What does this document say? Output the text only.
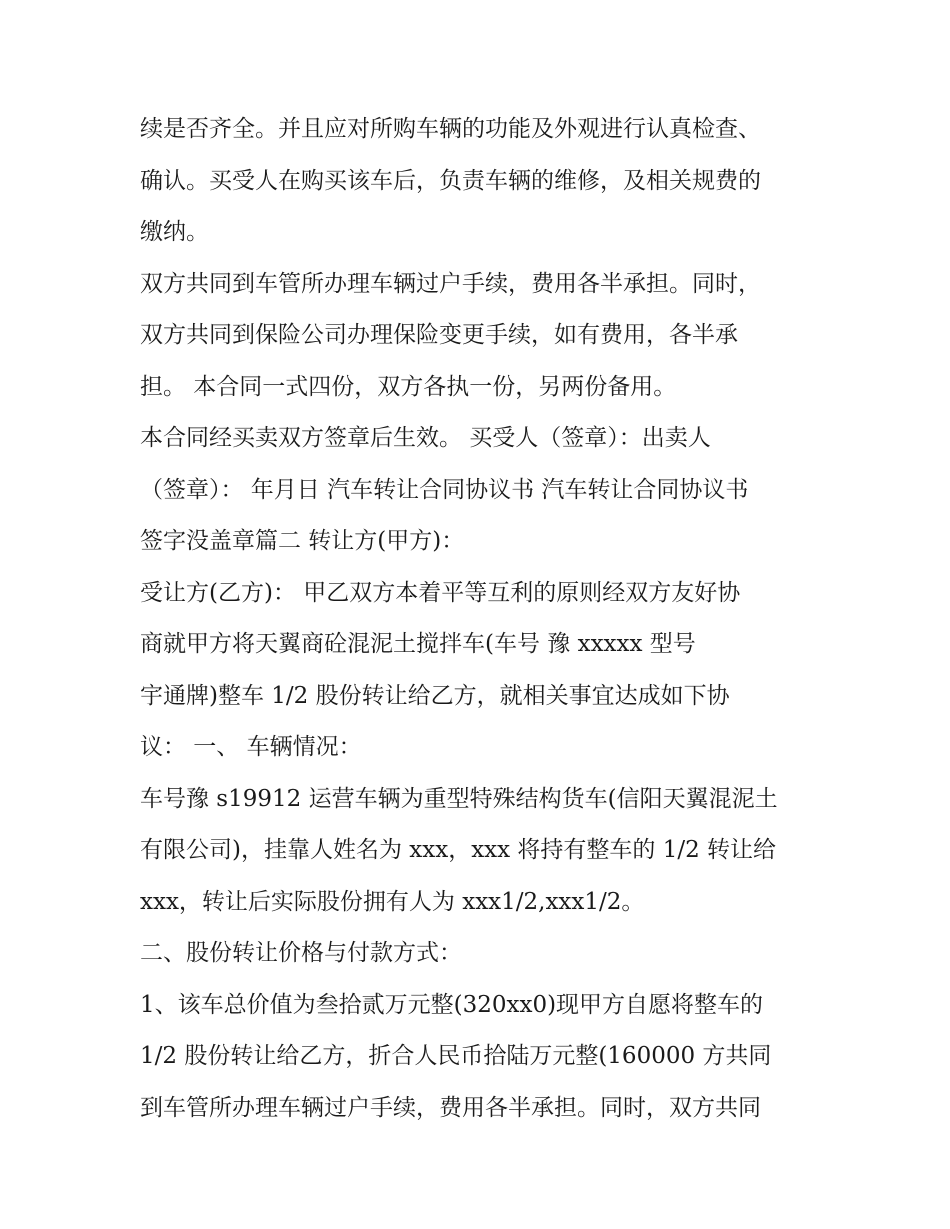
续是否齐全。并且应对所购车辆的功能及外观进行认真检查、
确认。买受人在购买该车后，负责车辆的维修，及相关规费的
缴纳。
双方共同到车管所办理车辆过户手续，费用各半承担。同时，
双方共同到保险公司办理保险变更手续，如有费用，各半承
担。 本合同一式四份，双方各执一份，另两份备用。
本合同经买卖双方签章后生效。 买受人（签章）：出卖人
（签章）： 年月日 汽车转让合同协议书 汽车转让合同协议书
签字没盖章篇二 转让方(甲方)：
受让方(乙方)： 甲乙双方本着平等互利的原则经双方友好协
商就甲方将天翼商砼混泥土搅拌车(车号 豫 xxxxx 型号
宇通牌)整车 1/2 股份转让给乙方，就相关事宜达成如下协
议： 一、 车辆情况：
车号豫 s19912 运营车辆为重型特殊结构货车(信阳天翼混泥土
有限公司)，挂靠人姓名为 xxx，xxx 将持有整车的 1/2 转让给
xxx，转让后实际股份拥有人为 xxx1/2,xxx1/2。
二、股份转让价格与付款方式：
1、该车总价值为叁拾贰万元整(320xx0)现甲方自愿将整车的
1/2 股份转让给乙方，折合人民币拾陆万元整(160000 方共同
到车管所办理车辆过户手续，费用各半承担。同时，双方共同
